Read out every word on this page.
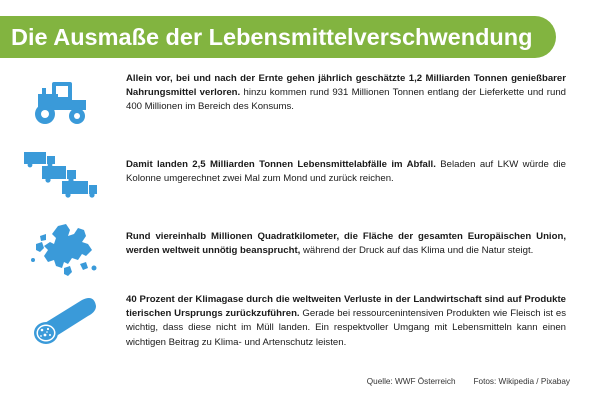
Die Ausmaße der Lebensmittelverschwendung
Allein vor, bei und nach der Ernte gehen jährlich geschätzte 1,2 Milliarden Tonnen genießbarer Nahrungsmittel verloren. hinzu kommen rund 931 Millionen Tonnen entlang der Lieferkette und rund 400 Millionen im Bereich des Konsums.
Damit landen 2,5 Milliarden Tonnen Lebensmittelabfälle im Abfall. Beladen auf LKW würde die Kolonne umgerechnet zwei Mal zum Mond und zurück reichen.
Rund viereinhalb Millionen Quadratkilometer, die Fläche der gesamten Europäischen Union, werden weltweit unnötig beansprucht, während der Druck auf das Klima und die Natur steigt.
40 Prozent der Klimagase durch die weltweiten Verluste in der Landwirtschaft sind auf Produkte tierischen Ursprungs zurückzuführen. Gerade bei ressourcenintensiven Produkten wie Fleisch ist es wichtig, dass diese nicht im Müll landen. Ein respektvoller Umgang mit Lebensmitteln kann einen wichtigen Beitrag zu Klima- und Artenschutz leisten.
Quelle: WWF Österreich Fotos: Wikipedia / Pixabay
